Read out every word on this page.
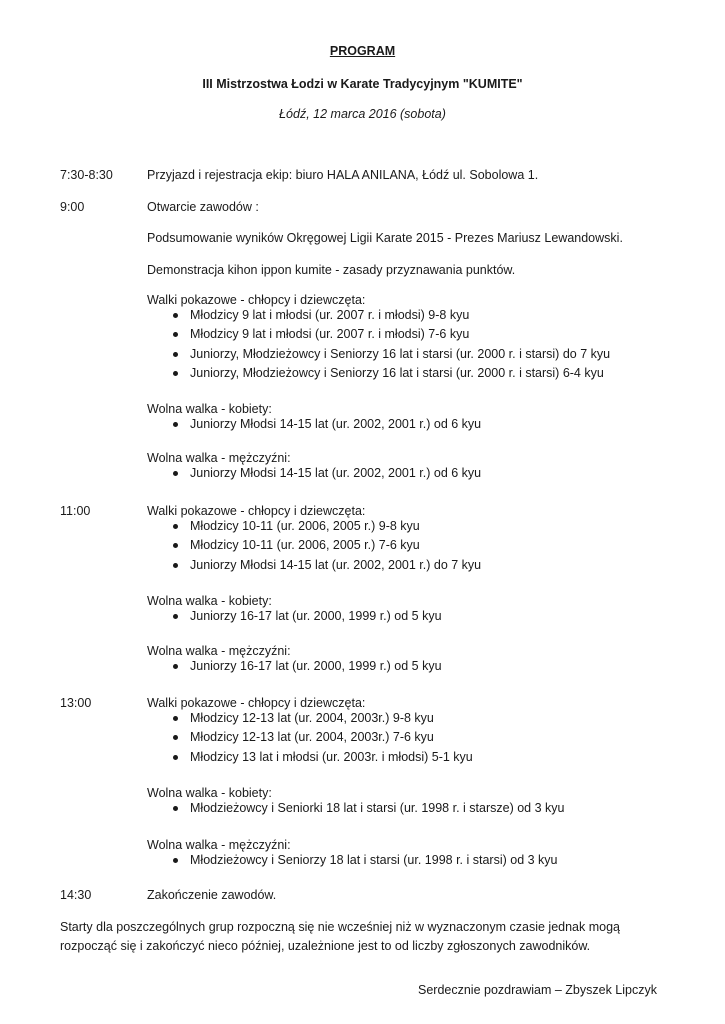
PROGRAM
III Mistrzostwa Łodzi w Karate Tradycyjnym "KUMITE"
Łódź, 12 marca 2016 (sobota)
7:30-8:30	Przyjazd i rejestracja ekip: biuro HALA ANILANA, Łódź ul. Sobolowa 1.
9:00	Otwarcie zawodów :
Podsumowanie wyników Okręgowej Ligii Karate 2015 - Prezes Mariusz Lewandowski.
Demonstracja kihon ippon kumite - zasady przyznawania punktów.
Walki pokazowe - chłopcy i dziewczęta:
Młodzicy 9 lat i młodsi (ur. 2007 r. i młodsi) 9-8 kyu
Młodzicy 9 lat i młodsi (ur. 2007 r. i młodsi) 7-6 kyu
Juniorzy, Młodzieżowcy i Seniorzy 16 lat i starsi (ur. 2000 r. i starsi) do 7 kyu
Juniorzy, Młodzieżowcy i Seniorzy 16 lat i starsi (ur. 2000 r. i starsi) 6-4 kyu
Wolna walka - kobiety:
Juniorzy Młodsi 14-15 lat (ur. 2002, 2001 r.) od 6 kyu
Wolna walka - mężczyźni:
Juniorzy Młodsi 14-15 lat (ur. 2002, 2001 r.) od 6 kyu
11:00	Walki pokazowe - chłopcy i dziewczęta:
Młodzicy 10-11 (ur. 2006, 2005 r.) 9-8 kyu
Młodzicy 10-11 (ur. 2006, 2005 r.) 7-6 kyu
Juniorzy Młodsi 14-15 lat (ur. 2002, 2001 r.) do 7 kyu
Wolna walka - kobiety:
Juniorzy 16-17 lat (ur. 2000, 1999 r.) od 5 kyu
Wolna walka - mężczyźni:
Juniorzy 16-17 lat (ur. 2000, 1999 r.) od 5 kyu
13:00	Walki pokazowe - chłopcy i dziewczęta:
Młodzicy 12-13 lat (ur. 2004, 2003r.) 9-8 kyu
Młodzicy 12-13 lat (ur. 2004, 2003r.) 7-6 kyu
Młodzicy 13 lat i młodsi (ur. 2003r. i młodsi) 5-1 kyu
Wolna walka - kobiety:
Młodzieżowcy i Seniorki 18 lat i starsi (ur. 1998 r. i starsze) od 3 kyu
Wolna walka - mężczyźni:
Młodzieżowcy i Seniorzy 18 lat i starsi (ur. 1998 r. i starsi) od 3 kyu
14:30	Zakończenie zawodów.
Starty dla poszczególnych grup rozpoczną się nie wcześniej niż w wyznaczonym czasie jednak mogą rozpocząć się i zakończyć nieco później, uzależnione jest to od liczby zgłoszonych zawodników.
Serdecznie pozdrawiam – Zbyszek Lipczyk
